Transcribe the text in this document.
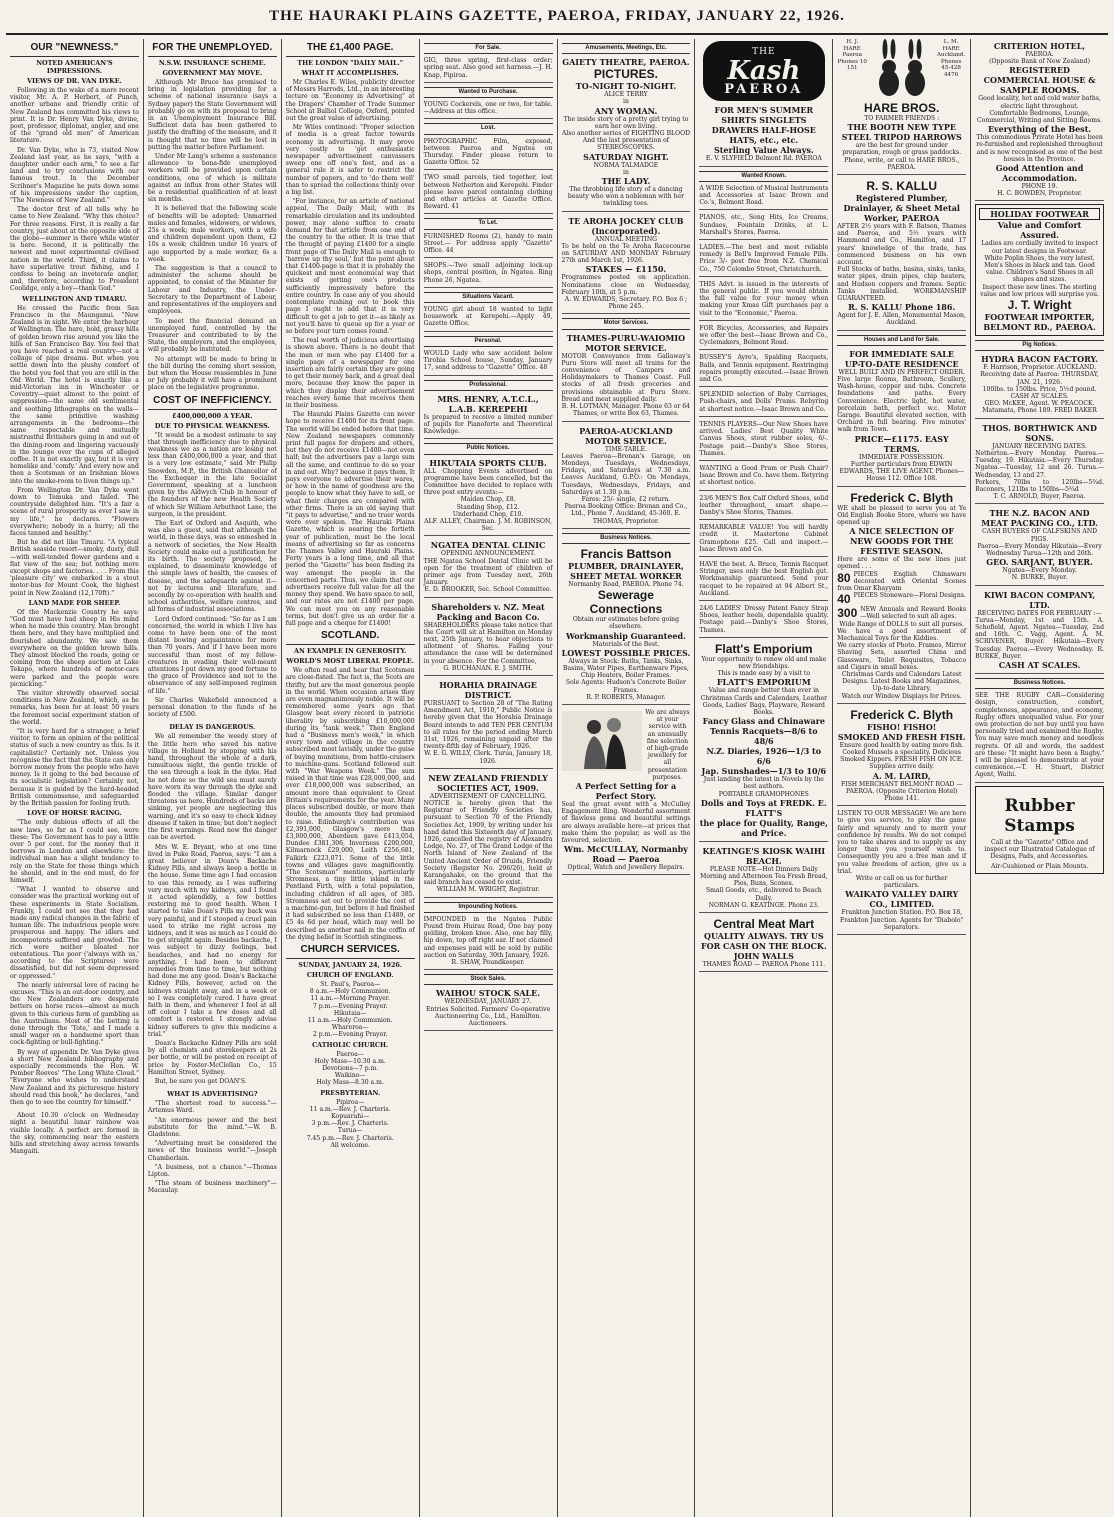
THE HAURAKI PLAINS GAZETTE, PAEROA, FRIDAY, JANUARY 22, 1926.
OUR "NEWNESS."
NOTED AMERICAN'S IMPRESSIONS.
VIEWS OF DR. VAN DYKE.

Following in the wake of a more recent visitor, Mr. A. P. Herbert, of Punch, another urbane and friendly critic of New Zealand has committed his views to print. It is Dr. Henry Van Dyke, divine, poet, professor, diplomat, angler, and one of the "grand old men" of American literature.

Dr. Van Dyke, who is 73, visited New Zealand last year, as he says, "with a daughter under each arm," to see a far land and to try conclusions with our famous trout. In the December Scribner's Magazine he puts down some of his impressions under the caption, "The Newness of New Zealand."

The doctor first of all tells why he came to New Zealand. "Why this choice? For three reasons. First, it is really a far country, just about at the opposite side of the globe—summer is there while winter is here. Second, it is politically the newest and most experimental civilised nation in the world. Third, it claims to have superlative trout fishing, and I confess to being an inveterate angler, and, therefore, according to President Coolidge, only a boy—thank God."

WELLINGTON AND TIMARU.

He crossed the Pacific from San Francisco in the Maunganui. "New Zealand is in sight. We enter the harbour of Wellington. The bare, bold, grassy hills of golden brown rise around you like the hills of San Francisco Bay. You feel that you have reached a real country—not a collage of pipe dreams. But when you settle down into the plushy comfort of the hotel you feel that you are still in the Old World. The hotel is exactly like a mid-Victorian inn in Winchester or Coventry—quiet almost to the point of suppression—the same old sentimental and soothing lithographs on the walls—the same primitive washing arrangements in the bedrooms—the same respectable and mutually mistrustful Britishers going in and out of the dining-room and lingering vacuously in the lounge over the cups of alleged coffee. It is not exactly gay, but it is very homelike and 'comfy.' And every now and then a Scotsman or an Irishman blows into the smoke-room to liven things up."

From Wellington Dr. Van Dyke went down to Temuka and failed. The countryside delighted him. "It's a fair a scene of rural prosperity as ever I saw in my life," he declares. "Flowers everywhere; nobody in a hurry; all the faces tanned and healthy."

But he did not like Timaru. "A typical British seaside resort—smoky, dusty, dull—with well-tended flower gardens and a flat view of the sea; but nothing more except shops and factories. . . . From this 'pleasure city' we embarked in a stout motor-bus for Mount Cook, the highest point in New Zealand (12,170ft)."

LAND MADE FOR SHEEP.

Of the Mackenzie Country he says: "God must have had sheep in His mind when he made this country. Man brought them here, and they have multiplied and flourished abundantly. We saw them everywhere on the golden brown hills. They almost blocked the roads, going or coming from the sheep auction at Lake Tekapo, where hundreds of motor-cars were parked and the people were picnicking."

The visitor shrewdly observed social conditions in New Zealand, which, as he remarks, has been for at least 50 years the foremost social experiment station of the world.

"It is very hard for a stranger, a brief visitor, to form an opinion of the political status of such a new country as this. Is it capitalistic? Certainly not. Unless you recognise the fact that the State can only borrow money from the people who have money. Is it going to the bad because of its socialistic legislation? Certainly not, because it is guided by the hard-headed British commonsense, and safeguarded by the British passion for fooling truth.

LOVE OF HORSE RACING.

"The only dubious effects of all the new laws, so far as I could see, were these: The Government has to pay a little over 5 per cent. for the money that it borrows in London and elsewhere: the individual man has a slight tendency to rely on the State for those things which he should, and in the end must, do for himself.

"What I wanted to observe and consider was the practical working out of these experiments in State Socialism. Frankly, I could not see that they had made any radical changes in the fabric of human life. The industrious people were prosperous and happy. The idlers and incompetents suffered and growled. The rich were neither bloated nor ostentatious. The poor ('always with us,' according to the Scriptures) were dissatisfied, but did not seem depressed or oppressed."

The nearly universal love of racing he excuses. "This is an out-door country, and the New Zealanders are desperate betters on horse races—almost as much given to this curious form of gambling as the Australians. Most of the betting is done through the 'Tote,' and I made a small wager on a handsome sport than cock-fighting or bull-fighting."

By way of appendix Dr. Van Dyke gives a short New Zealand bibliography and especially recommends the Hon. W. Pember Reeves' "The Long White Cloud." "Everyone who wishes to understand New Zealand and its picturesque history should read this book," he declares, "and then go to see the country for himself."

About 10.30 o'clock on Wednesday night a beautiful lunar rainbow was visible locally. A perfect arc formed in the sky, commencing near the eastern hills and stretching away across towards Mangaiti.

FOR THE UNEMPLOYED.
N.S.W. INSURANCE SCHEME.
GOVERNMENT MAY MOVE.

Although Mr Bruce has promised to bring in legislation providing for a scheme of national insurance (says a Sydney paper) the State Government will probably go on with its proposal to bring in an Unemployment Insurance Bill. Sufficient data has been gathered to justify the drafting of the measure, and it is thought that no time will be lost in putting the matter before Parliament.

Under Mr Lang's scheme a sustenance allowance to bona-fide unemployed workers will be provided upon certain conditions, one of which is militate against an influx from other States will be a residential qualification of at least six months.

It is believed that the following scale of benefits will be adopted: Unmarried males and females, widowers, or widows, 25s a week; male workers, with a wife and children dependent upon them, £2 10s a week; children under 16 years of age supported by a male worker, 6s a week.

The suggestion is that a council to administer the scheme should be appointed, to consist of the Minister for Labour and Industry, the Under-Secretary to the Department of Labour, and representatives of the employers and employees.

To meet the financial demand an unemployed fund, controlled by the Treasurer and contributed to by the State, the employers, and the employees, will probably be instituted.

No attempt will be made to bring in the bill during the coming short session, but when the House reassembles in June or July probably it will have a prominent place on the legislative programme.

COST OF INEFFICIENCY.
£400,000,000 A YEAR.
DUE TO PHYSICAL WEAKNESS.

"It would be a modest estimate to say that through inefficiency due to physical weakness we as a nation are losing not less than £400,000,000 a year, and that is a very low estimate," said Mr Philip Snowden, M.P., the British Chancellor of the Exchequer in the late Socialist Government, speaking at a luncheon given by the Aldwych Club in honour of the founders of the new Health Society of which Sir William Arbuthnot Lane, the surgeon, is the president.

The Earl of Oxford and Asquith, who was also a guest, said that although the world, in these days, was so enmeshed in a network of societies, the New Health Society could make out a justification for its birth. The society proposed, he explained, to disseminate knowledge of the simple laws of health, the causes of disease, and the safeguards against it—not by lectures and literature, and secondly by co-operation with health and school authorities, welfare centres, and all forms of industrial associations.

Lord Oxford continued: "So far as I am concerned, the world in which I live has come to have been one of the most distant bowing acquaintance for more than 70 years. And if I have been more successful than most of my fellow-creatures in evading their well-meant attentions I put down my good fortune to the grace of Providence and not to the observance of any self-imposed regimen of life."

Sir Charles Wakefield announced a personal donation to the funds of he society of £500.

DELAY IS DANGEROUS.

We all remember the weedy story of the little hero who saved his native village in Holland by stopping with his hand, throughout the whole of a dark, tumultuous night, the gentle trickle of the sea through a leak in the dyke. Had he not done so the wild sea must surely have worn its way through the dyke and flooded the village. Similar danger threatens us here. Hundreds of backs are sinking, yet people are neglecting this warning, and it's so easy to check kidney disease if taken in time; but don't neglect the first warnings. Read now the danger can be averted.

Mrs W. E. Bryant, who at one time lived in Puke Road, Paeroa, says: "I am a great believer in Doan's Backache Kidney Pills, and always keep a bottle in the house. Some time ago I had occasion to use this remedy, as I was suffering very much with my kidneys, and I found it acted splendidly, a few bottles restoring me to good health. When I started to take Doan's Pills my back was very painful, and if I stooped a cruel pain used to strike me right across my kidneys, and it was as much as I could do to get straight again. Besides backache, I was subject to dizzy feelings, bad headaches, and had no energy for anything. I had been to different remedies from time to time, but nothing had done me any good. Doan's Backache Kidney Pills, however, acted on the kidneys straight away, and in a week or so I was completely cured. I have great faith in them, and whenever I feel at all off colour I take a few doses and all comfort is restored. I strongly advise kidney sufferers to give this medicine a trial."

Doan's Backache Kidney Pills are sold by all chemists and storekeepers at 2s per bottle, or will be posted on receipt of price by Foster-McClellan Co., 15 Hamilton Street, Sydney.

But, be sure you get DOAN'S.

WHAT IS ADVERTISING?

"The shortest road to success."—Artemus Ward.

"An enormous power and the best substitute for the mind."—W. B. Gladstone.

"Advertising must be considered the news of the business world."—Joseph Chamberlain.

"A business, not a chance."—Thomas Lipton.

"The steam of business machinery"—Macaulay.

THE £1,400 PAGE.
THE LONDON "DAILY MAIL."
WHAT IT ACCOMPLISHES.

Mr Charles E. Wiles, publicity director of Messrs Harrods, Ltd., in an interesting lecture on "Economy in Advertising" at the Drapers' Chamber of Trade Summer School at Balliol College, Oxford, pointed out the great value of advertising.

Mr Wiles continued: "Proper selection of media is a great factor towards economy in advertising. It may prove very costly to 'get enthusiastic newspaper advertisement canvassers sweep one off one's feet, and as a general rule it is safer to restrict the number of papers, and to 'do them well' than to spread the collections thinly over a big list.

"For instance, for an article of national appeal, The Daily Mail, with its remarkable circulation and its undoubted power, may alone suffice to create demand for that article from one end of the country to the other. It is true that the thought of paying £1400 for a single front page of The Daily Mail is enough to 'barrow up thy soul,' but the point about that £1400-page is that it is probably the quickest and most economical way that exists of getting one's products sufficiently impressively before the entire country. In case any of you should contemplate rushing out to book this page I ought to add that it is very difficult to get a job to get it—as likely as not you'll have to queue up for a year or so before your turn comes round."

The real worth of judicious advertising is shown above. There is no doubt that the man or men who pay £1400 for a single page of a newspaper for one insertion are fairly certain they are going to get their money back, and a great deal more, because they know the paper in which they display their advertisement reaches every home that receives them in their business.

The Hauraki Plains Gazette can never hope to receive £1400 for its front page. The world will be ended before that time. New Zealand newspapers commonly print full pages for drapers and others, but they do not receive £1400—not even half; but the advertisers pay a large sum all the same, and continue to do so year in and out. Why? because it pays them. It pays everyone to advertise their wares, or how in the name of goodness are the people to know what they have to sell, or what their charges are compared with other firms. There is an old saying that "it pays to advertise," and no truer words were ever spoken. The Hauraki Plains Gazette, which is nearing the fortieth year of publication, must be the local means of advertising so far as concerns the Thames Valley and Hauraki Plains. Forty years is a long time, and all that period the "Gazette" has been finding its way amongst the people in the concerned parts. Thus, we claim that our advertisers receive full value for all the money they spend. We have space to sell, and our rates are not £1400 per page. We can meet you on any reasonable terms, but don't give us an order for a full page and a cheque for £1400!

SCOTLAND.
AN EXAMPLE IN GENEROSITY.
WORLD'S MOST LIBERAL PEOPLE.

We often read and hear that Scotsmen are close-fisted. The fact is, the Scots are thrifty, but are the most generous people in the world. When occasion arises they are even magnanimously noble. It will be remembered some years ago that Glasgow beat every record in patriotic liberality by subscribing £10,000,000 during its "tank week." Then England had a "Business men's week," in which every town and village in the country subscribed most lavishly, under the guise of buying munitions, from battle-cruisers to machine-guns. Scotland followed suit with "War Weapons Week." The sum raised in that time was £28,000,000, and over £18,000,000 was subscribed, an amount more than equivalent to Great Britain's requirements for the year. Many places subscribed double, or more than double, the amounts they had promised to raise. Edinburgh's contribution was £2,391,000, Glasgow's more than £3,000,000, Aberdeen gave £413,054, Dundee £381,306, Inverness £200,000, Kilmarnock £29,000, Leith £256,681, Falkirk £223,071. Some of the little towns and villages gave magnificently. "The Scotsman" mentions, particularly Stromness, a tiny little island in the Pentland Firth, with a total population, including children of all ages, of 385. Stromness set out to provide the cost of a machine-gun, but before it had finished it had subscribed no less than £1489, or £5 4s 6d per head, which may well be described as another nail in the coffin of the dying belief in Scottish stinginess.

CHURCH SERVICES.
SUNDAY, JANUARY 24, 1926.
CHURCH OF ENGLAND.
St. Paul's, Paeroa—
8 a.m.—Holy Communion.
11 a.m.—Morning Prayer.
7 p.m.—Evening Prayer.
Hikutaia—
11 a.m.—Holy Communion.
Whareroa—
2 p.m.—Evening Prayer.
CATHOLIC CHURCH.
Paeroa—
Holy Mass—10.30 a.m.
Devotions—7 p.m.
Waikino—
Holy Mass—8.30 a.m.
PRESBYTERIAN.
Pipiroa—
11 a.m.—Rev. J. Charteris.
Kopuarahi—
3 p.m.—Rev. J. Charteris.
Turua—
7.45 p.m.—Rev. J. Charteris.
All welcome.
For Sale.
GIG, three spring, first-class order; spring seat. Also good set harness.—J. H. Knap, Pipiroa.
Wanted to Purchase.
YOUNG Cockerels, one or two, for table.—Address at this office.
Lost.
PHOTOGRAPHIC Film, exposed, between Paeroa and Ngatea on Thursday. Finder please return to Gazette Office. 52
TWO small parcels, tied together, lost between Netherton and Kerepehi. Finder please leave parcel containing clothing and other articles at Gazette Office. Reward. 41
To Let.
FURNISHED Rooms (2), handy to main Street.— For address apply "Gazette" Office. 44
SHOPS.—Two small adjoining lock-up shops, central position, in Ngatea. Ring Phone 26, Ngatea.
Situations Vacant.
YOUNG girl about 18 wanted to light housework at Kerepehi.—Apply 49, Gazette Office.
Personal.
WOULD Lady who saw accident below Tirohia School house, Sunday, January 17, send address to "Gazette" Office. 48
Professional.
MRS. HENRY, A.T.C.L., L.A.B. KEREPEHI
Is prepared to receive a limited number of pupils for Pianoforte and Theoretical Knowledge.
Public Notices.
HIKUTAIA SPORTS CLUB.
ALL Chopping Events advertised on programme have been cancelled, but the Committee have decided to replace with three post entry events:—
Maiden Chop, £8.
Standing Shop, £12.
Underhand Chop, £10.
ALF. ALLEY, Chairman. J. M. ROBINSON, Sec.
NGATEA DENTAL CLINIC
OPENING ANNOUNCEMENT.
THE Ngatea School Dental Clinic will be open for the treatment of children of primer age from Tuesday next, 26th January.
E. D. BROOKER, Sec. School Committee.
Shareholders v. NZ. Meat Packing and Bacon Co.
SHAREHOLDERS please take notice that the Court will sit at Hamilton on Monday next, 25th January, to hear objections to allotment of Shares. Failing your attendance the case will be determined in your absence. For the Committee,
G. BUCHANAN. E. J. SMITH.
HORAHIA DRAINAGE DISTRICT.
PURSUANT to Section 28 of "The Rating Amendment Act, 1910," Public Notice is hereby given that the Horahia Drainage Board intends to add TEN PER CENTUM to all rates for the period ending March 31st, 1926, remaining unpaid after the twenty-fifth day of February, 1926.
W. E. G. WILLY, Clerk. Turua, January 18, 1926.
NEW ZEALAND FRIENDLY SOCIETIES ACT, 1909.
ADVERTISEMENT OF CANCELLING.
NOTICE is hereby given that the Registrar of Friendly Societies has, pursuant to Section 70 of the Friendly Societies Act, 1909, by writing under his hand dated this Sixteenth day of January, 1926, cancelled the registry of Alexandra Lodge, No. 27, of The Grand Lodge of the North Island of New Zealand of the United Ancient Order of Druids, Friendly Society (Register No. 296/26), held at Karangahake, on the ground that the said branch has ceased to exist.
WILLIAM M. WRIGHT, Registrar.
Impounding Notices.
IMPOUNDED in the Ngatea Public Pound from Huirau Road, One bay pony gelding, broken knee. Also, one bay filly, hip down, top off right ear. If not claimed and expenses paid will be sold by public auction on Saturday, 30th January, 1926.
R. SHAW, Poundkeeper.
Stock Sales.
WAIHOU STOCK SALE.
WEDNESDAY, JANUARY 27.
Entries Solicited. Farmers' Co-operative Auctioneering Co., Ltd., Hamilton. Auctioneers.
Amusements, Meetings, Etc.
GAIETY THEATRE, PAEROA.
PICTURES.
TO-NIGHT TO-NIGHT.
ALICE TERRY
in
ANY WOMAN.
The inside story of a pretty girl trying to earn her own living.
Also another series of FIGHTING BLOOD And the last presentation of STEREOSCOPIKS.
SATURDAY NIGHT.
NORMA TALMADGE
in
THE LADY.
The throbbing life story of a dancing beauty who won a nobleman with her twinkling toes.
TE AROHA JOCKEY CLUB (Incorporated).
ANNUAL MEETING
To be held on the Te Aroha Racecourse on SATURDAY AND MONDAY February 27th and March 1st, 1926.
STAKES — £1150.
Programmes posted on application. Nominations close on Wednesday, February 10th, at 5 p.m.
A. W. EDWARDS, Secretary. P.O. Box 6 ; Phone 245.
Motor Services.
THAMES-PURU-WAIOMIO MOTOR SERVICE.
MOTOR Conveyance from Gallaway's Puru Store will meet all trains for the convenience of Campers and Holidaymakers to Thames Coast. Full stocks of all fresh groceries and provisions obtainable at Puru Store. Bread and meat supplied daily.
B. H. LOTMAN, Manager. Phone 63 or 64 Thames, or write Box 63, Thames.
PAEROA-AUCKLAND MOTOR SERVICE.
TIME-TABLE.
Leaves Paeroa—Brenan's Garage, on Mondays, Tuesdays, Wednesdays, Fridays, and Saturdays at 7.30 a.m. Leaves Auckland, G.P.O.: On Mondays, Tuesdays, Wednesdays, Fridays, and Saturdays at 1.30 p.m.
Fares: 25/- single, £2 return.
Paeroa Booking Office: Brenan and Co., Ltd., Phone 7. Auckland, 45-360. E. THOMAS, Proprietor.
Business Notices.
Francis Battson
PLUMBER, DRAINLAYER, SHEET METAL WORKER
Normanby Road, PAEROA. Phone 74.
Sewerage Connections
Obtain our estimates before going elsewhere.
Workmanship Guaranteed.
Materials of the Best.
LOWEST POSSIBLE PRICES.
Always in Stock: Baths, Tanks, Sinks, Basins, Water Pipes, Earthenware Pipes, Chip Heaters, Boiler Frames.
Sole Agents: Hudson's Concrete Boiler Frames.
R. P. ROBERTS, Manager.
We are always at your service with an unusually fine selection of high-grade jewellery for all presentation purposes.
A Perfect Setting for a Perfect Story.
Seal the great event with a McCulley Engagement Ring. Wonderful assortment of flawless gems and beautiful settings are always available here—at prices that make them the popular, as well as the favoured, selection.
Wm. McCULLAY, Normanby Road — Paeroa
Optical, Watch and Jewellery Repairs.
THE
Kash
PAEROA
FOR MEN'S SUMMER SHIRTS SINGLETS DRAWERS HALF-HOSE HATS, etc., etc.
Sterling Value Always.
E. V. SLYFIELD Belmont Rd. PAEROA
Wanted Known.
A WIDE Selection of Musical Instruments and Accessories at Isaac Brown and Co.'s, Belmont Road.
PIANOS, etc., Song Hits, Ice Creams, Sundaes, Fountain Drinks, at L. Marshall's Stores, Paeroa.
LADIES.—The best and most reliable remedy is Bell's Improved Female Pills. Price 3/- post free from N.Z. Chemical Co., 750 Colombo Street, Christchurch.
THIS Advt. is issued in the interests of the general public. If you would obtain the full value for your money when making your Xmas Gift purchases pay a visit to the "Economic," Paeroa.
FOR Bicycles, Accessories, and Repairs we offer the best—Isaac Brown and Co., Cyclemakers, Belmont Road.
BUSSEY'S Ayre's, Spalding Racquets, Balls, and Tennis equipment. Restringing repairs promptly executed.—Isaac Brown and Co.
SPLENDID selection of Baby Carriages, Push-chairs, and Dolls' Prams. Rebyring at shortest notice.—Isaac Brown and Co.
TENNIS PLAYERS—Our New Shoes have arrived. Ladies' Best Quality White Canvas Shoes, stout rubber soles, 6/-. Postage paid.—Danby's Shoe Stores, Thames.
WANTING a Good Pram or Push Chair? Isaac Brown and Co. have them. Retyring at shortest notice.
23/6 MEN'S Box Calf Oxford Shoes, solid leather throughout, smart shape.—Danby's Shoe Stores, Thames.
REMARKABLE VALUE! You will hardly credit it. Mastertone Cabinet Gramophone £25. Call and inspect.—Isaac Brown and Co.
HAVE the best. A. Bruce, Tennis Racquet Stringer, uses only the best English gut. Workmanship guaranteed. Send your racquet to be repaired at 94 Albert St., Auckland.
24/6 LADIES' Dressy Patent Fancy Strap Shoes, leather heels, dependable quality. Postage paid.—Danby's Shoe Stores, Thames.
Flatt's Emporium
Your opportunity to renew old and make new friendships.
This is made easy by a visit to
FLATT'S EMPORIUM
Value and range better than ever in Christmas Cards and Calendars, Leather Goods, Ladies' Bags, Playware, Reward Books.
Fancy Glass and Chinaware
Tennis Racquets—8/6 to 48/6
N.Z. Diaries, 1926—1/3 to 6/6
Jap. Sunshades—1/3 to 10/6
Just landing the latest in Novels by the best authors.
PORTABLE GRAMOPHONES
Dolls and Toys at FREDK. E. FLATT'S
the place for Quality, Range, and Price.
KEATINGE'S KIOSK WAIHI BEACH.
PLEASE NOTE—Hot Dinners Daily Morning and Afternoon Tea Fresh Bread, Pies, Buns, Scones.
Small Goods, etc., delivered to Beach Daily.
NORMAN G. KEATINGE. Phone 23.
Central Meat Mart
QUALITY ALWAYS. TRY US FOR CASH ON THE BLOCK.
JOHN WALLS
THAMES ROAD — PAEROA Phone 111.
H. J. HARE Paeroa Phones 10 151
L. M. HARE Auckland. Phones 45-428 4476
HARE BROS.
TO FARMER FRIENDS :
THE BOOTH NEW TYPE STEEL TRIPOD HARROWS
are the best for ground under preparation, rough or grass paddocks.
Phone, write, or call to HARE BROS., PAEROA.
R. S. KALLU
Registered Plumber, Drainlayer, & Sheet Metal Worker, PAEROA
AFTER 2½ years with F. Batson, Thames and Paeroa, and 5½ years with Hammond and Co., Hamilton, and 17 years' knowledge of the trade, has commenced business on his own account.
Full Stocks of baths, basins, sinks, tanks, water pipes, drain pipes, chip heaters, and Hudson coppers and frames. Septic Tanks installed. WORKMANSHIP GUARANTEED.
R. S. KALLU Phone 186.
Agent for J. E. Allen, Monumental Mason, Auckland.
Houses and Land for Sale.
FOR IMMEDIATE SALE
UP-TO-DATE RESIDENCE
WELL BUILT AND IN PERFECT ORDER.
Five large Rooms, Bathroom, Scullery, Wash-house, copper and tubs. Concrete foundations and paths. Every Convenience. Electric light, hot water, porcelain bath, perfect w.c. Motor Garage. Beautiful elevated section, with Orchard in full bearing. Five minutes' walk from Town.
PRICE—£1175. EASY TERMS.
IMMEDIATE POSSESSION.
Further particulars from EDWIN EDWARDS, THE LIVE AGENT. Phones—House 112. Office 108.
Frederick C. Blyth
WE shall be pleased to serve you at Ye Old English Booke Store, where we have opened up
A NICE SELECTION OF NEW GOODS FOR THE FESTIVE SEASON.
Here are some of the new lines just opened . . .
80 PIECES English Chinaware decorated with Oriental Scenes from Omar Khayyam
40 PIECES Stoneware—Floral Designs.
300 NEW Annuals and Reward Books—Well selected to suit all ages.
Wide Range of DOLLS to suit all purses.
We have a good assortment of Mechanical Toys for the Kiddies.
We carry stocks of Photo. Frames, Mirror Shaving Sets, assorted China and Glassware, Toilet Requisites, Tobacco and Cigars in small boxes.
Christmas Cards and Calendars Latest Designs. Latest Books and Magazines, Up-to-date Library.
Watch our Window Displays for Prices.
Frederick C. Blyth
FISHO! FISHO!
SMOKED AND FRESH FISH.
Ensure good health by eating more fish.
Cooked Mussels a speciality. Delicious Smoked Kippers. FRESH FISH ON ICE. Supplies arrive daily.
A. M. LAIRD,
FISH MERCHANT BELMONT ROAD — PAEROA. (Opposite Criterion Hotel) Phone 141.
LISTEN TO OUR MESSAGE! We are here to give you service, to play the game fairly and squarely and to merit your confidence by results. We do not compel you to take shares and to supply us any longer than you yourself wish to. Consequently you are a free man and if you value freedom of action, give us a trial.
Write or call on us for further particulars.
WAIKATO VALLEY DAIRY CO., LIMITED.
Frankton Junction Station. P.O. Box 18, Frankton Junction. Agents for "Diabolo" Separators.
CRITERION HOTEL,
PAEROA.
(Opposite Bank of New Zealand)
REGISTERED COMMERCIAL HOUSE & SAMPLE ROOMS.
Good locality, hot and cold water baths, electric light throughout.
Comfortable Bedrooms, Lounge, Commercial, Writing and Sitting Rooms.
Everything of the Best.
This commodious Private Hotel has been re-furnished and replenished throughout and is now recognised as one of the best houses in the Province.
Good Attention and Accommodation.
PHONE 19.
H. C. BOWDEN, Proprietor.
HOLIDAY FOOTWEAR
Value and Comfort Assured.
Ladies are cordially invited to inspect our latest designs in Footwear.
White Poplin Shoes, the very latest.
Men's Shoes in black and tan. Good value. Children's Sand Shoes in all shapes and sizes.
Inspect these new lines. The sterling value and low prices will surprise you.
J. T. Wright
FOOTWEAR IMPORTER, BELMONT RD., PAEROA.
Pig Notices.
HYDRA BACON FACTORY.
F. Harrison, Proprietor. AUCKLAND.
Receiving date at Paeroa: THURSDAY, JAN. 21, 1926.
100lbs. to 150lbs. Price, 5½d pound. CASH AT SCALES.
GEO. McKEE, Agent. W. PEACOCK. Matamata, Phone 189. FRED BAKER
THOS. BORTHWICK AND SONS.
JANUARY RECEIVING DATES.
Netherton.—Every Monday. Paeroa.—Tuesday, 19. Hikutaia.—Every Thursday. Ngatea.—Tuesday, 12 and 26. Turua.—Wednesday, 13 and 27.
Porkers, 70lbs to 120lbs—5¾d. Baconers, 121lbs to 150lbs—5¾d
T. C. ARNOLD, Buyer, Paeroa.
THE N.Z. BACON AND MEAT PACKING CO., LTD.
CASH BUYERS OF CALFSKINS AND PIGS.
Paeroa—Every Monday Hikutaia—Every Wednesday Turua—12th and 26th.
GEO. SARJANT, BUYER.
Ngatea—Every Monday.
N. BURKE, Buyer.
KIWI BACON COMPANY, LTD.
RECEIVING DATES FOR FEBRUARY :—
Turua—Monday, 1st and 15th. A. Schofield, Agent. Ngatea—Tuesday, 2nd and 16th. C. Vagg, Agent. A. M. SCRIVENER, Buyer. Hikutaia—Every Tuesday. Paeroa.—Every Wednesday. R. BURKE, Buyer.
CASH AT SCALES.
Business Notices.
SEE THE RUGBY CAR—Considering design, construction, comfort, completeness, appearance, and economy, Rugby offers unequalled value. For your own protection do not buy until you have personally tried and examined the Rugby. You may save much money and needless regrets. Of all and words, the saddest are these: "It might have been a Rugby." I will be pleased to demonstrate at your convenience.—T. H. Stuart, District Agent, Waihi.
Rubber Stamps
Call at the "Gazette" Office and inspect our Illustrated Catalogue of Designs, Pads, and Accessories.
Air-Cushioned or Plain Mounts.
